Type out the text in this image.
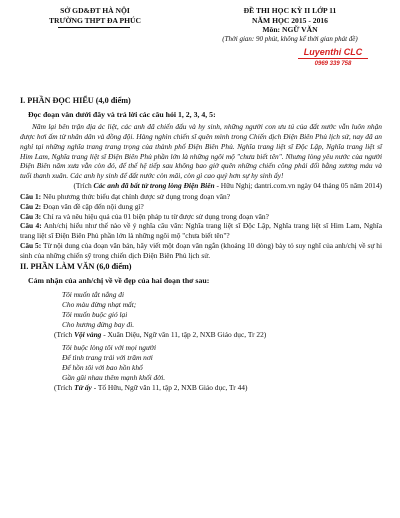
SỞ GD&ĐT HÀ NỘI
TRƯỜNG THPT ĐA PHÚC
ĐỀ THI HỌC KỲ II LỚP 11
NĂM HỌC 2015 - 2016
Môn: NGỮ VĂN
(Thời gian: 90 phút, không kể thời gian phát đề)
Luyenthi CLC
0969 339 758
I. PHẦN ĐỌC HIỂU (4,0 điểm)
Đọc đoạn văn dưới đây và trả lời các câu hỏi 1, 2, 3, 4, 5:

Năm lại bên trận địa ác liệt, các anh đã chiến đấu và hy sinh, những người con ưu tú của đất nước vẫn luôn nhận được hơi ấm từ nhân dân và đồng đội. Hàng nghìn chiến sĩ quên mình trong Chiến dịch Điện Biên Phủ lịch sử, nay đã an nghỉ tại những nghĩa trang trang trọng của thành phố Điện Biên Phủ. Nghĩa trang liệt sĩ Độc Lập, Nghĩa trang liệt sĩ Him Lam, Nghĩa trang liệt sĩ Điện Biên Phủ phần lớn là những ngôi mộ "chưa biết tên". Nhưng lòng yêu nước của người Điện Biên năm xưa vẫn còn đó, để thế hệ tiếp sau không bao giờ quên những chiến công phải đổi bằng xương máu và tuổi thanh xuân. Các anh hy sinh để đất nước còn mãi, còn gì cao quý hơn sự hy sinh ấy!

(Trích Các anh đã bất tử trong lòng Điện Biên - Hữu Nghị; dantri.com.vn ngày 04 tháng 05 năm 2014)

Câu 1: Nêu phương thức biểu đạt chính được sử dụng trong đoạn văn?

Câu 2: Đoạn văn đề cập đến nội dung gì?

Câu 3: Chỉ ra và nêu hiệu quả của 01 biện pháp tu từ được sử dụng trong đoạn văn?

Câu 4: Anh/chị hiểu như thế nào về ý nghĩa câu văn: Nghĩa trang liệt sĩ Độc Lập, Nghĩa trang liệt sĩ Him Lam, Nghĩa trang liệt sĩ Điện Biên Phủ phần lớn là những ngôi mộ "chưa biết tên"?

Câu 5: Từ nội dung của đoạn văn bản, hãy viết một đoạn văn ngắn (khoảng 10 dòng) bày tỏ suy nghĩ của anh/chị về sự hi sinh của những chiến sỹ trong chiến dịch Điện Biên Phủ lịch sử.

II. PHẦN LÀM VĂN (6,0 điểm)
Cảm nhận của anh/chị về về đẹp của hai đoạn thơ sau:
Tôi muốn tắt nắng đi
Cho màu đừng nhạt mất;
Tôi muốn buộc gió lại
Cho hương đừng bay đi.

(Trích Vội vàng - Xuân Diệu, Ngữ văn 11, tập 2, NXB Giáo dục, Tr 22)

Tôi buộc lòng tôi với mọi người
Để tình trang trải với trăm nơi
Để hồn tôi với bao hồn khổ
Gần gũi nhau thêm mạnh khối đời.

(Trích Từ ấy - Tố Hữu, Ngữ văn 11, tập 2, NXB Giáo dục, Tr 44)
